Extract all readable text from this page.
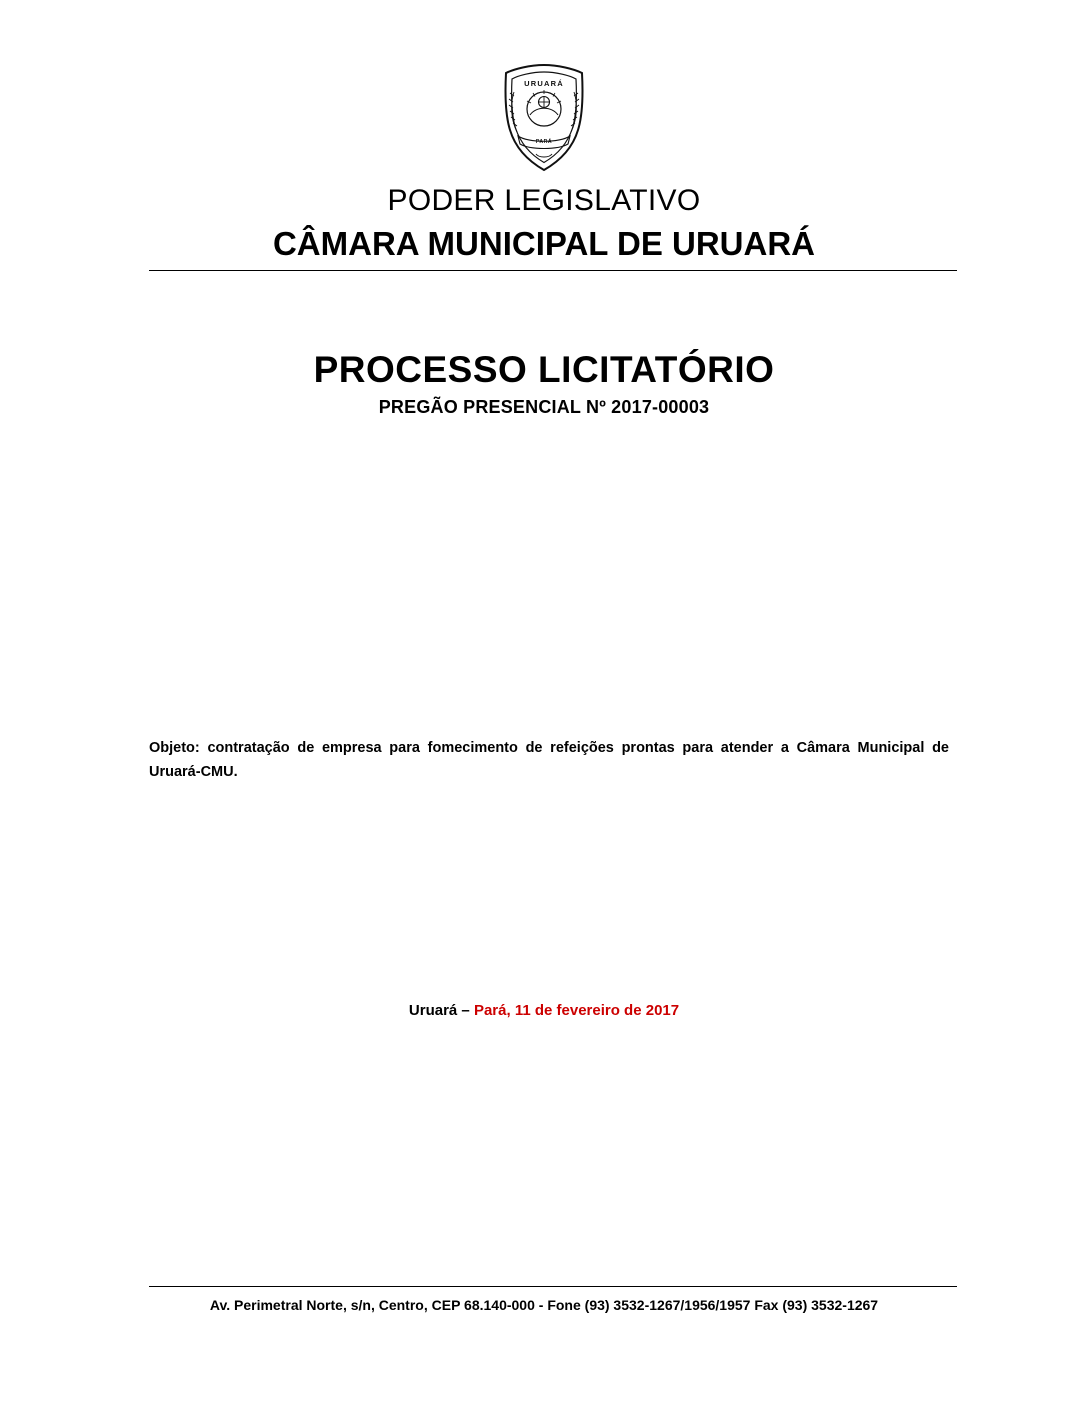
URUARÁ
PARÁ
PODER LEGISLATIVO
CÂMARA MUNICIPAL DE URUARÁ
PROCESSO LICITATÓRIO
PREGÃO PRESENCIAL Nº 2017-00003
Objeto: contratação de empresa para fomecimento de refeições prontas para atender a Câmara Municipal de Uruará-CMU.
Uruará – Pará, 11 de fevereiro de 2017
Av. Perimetral Norte, s/n, Centro, CEP 68.140-000 - Fone (93) 3532-1267/1956/1957 Fax (93) 3532-1267
